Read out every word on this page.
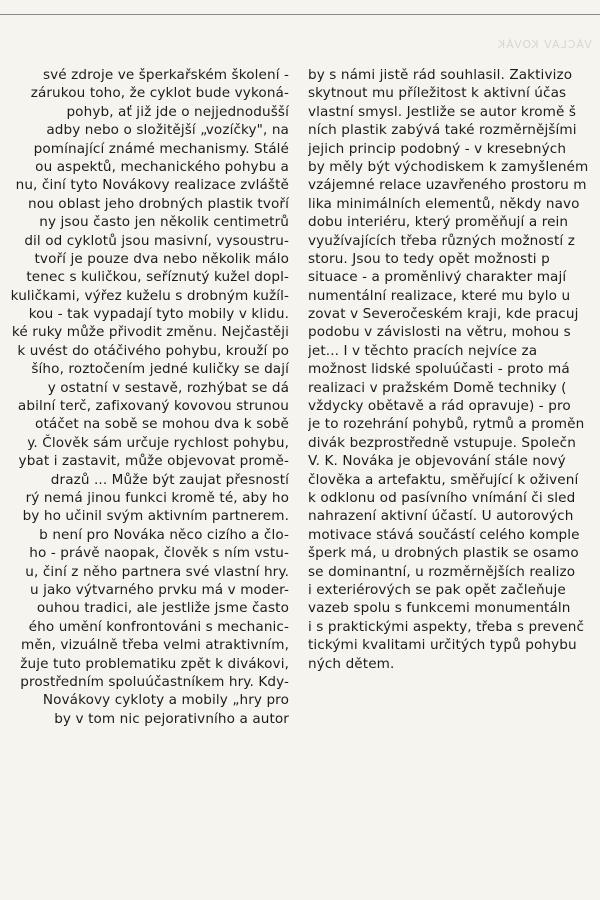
VÁCLAV KOVÁK
své zdroje ve šperkařském školení -
zárukou toho, že cyklot bude vykoná-
pohyb, ať již jde o nejjednodušší
adby nebo o složitější „vozíčky", na
pomínající známé mechanismy. Stálé
ou aspektů, mechanického pohybu a
nu, činí tyto Novákovy realizace zvláště
nou oblast jeho drobných plastik tvoří
ny jsou často jen několik centimetrů
dil od cyklotů jsou masivní, vysoustru-
tvoří je pouze dva nebo několik málo
tenec s kuličkou, seříznutý kužel dopl-
kuličkami, výřez kuželu s drobným kužíl-
kou - tak vypadají tyto mobily v klidu.
ké ruky může přivodit změnu. Nejčastěji
k uvést do otáčivého pohybu, krouží po
šího, roztočením jedné kuličky se dají
y ostatní v sestavě, rozhýbat se dá
abilní terč, zafixovaný kovovou strunou
otáčet na sobě se mohou dva k sobě
y. Člověk sám určuje rychlost pohybu,
ybat i zastavit, může objevovat promě-
drazů ... Může být zaujat přesností
rý nemá jinou funkci kromě té, aby ho
by ho učinil svým aktivním partnerem.
b není pro Nováka něco cizího a člo-
ho - právě naopak, člověk s ním vstu-
u, činí z něho partnera své vlastní hry.
u jako výtvarného prvku má v moder-
ouhou tradici, ale jestliže jsme často
ého umění konfrontováni s mechanic-
měn, vizuálně třeba velmi atraktivním,
žuje tuto problematiku zpět k divákovi,
prostředním spoluúčastníkem hry. Kdy-
Novákovy cykloty a mobily „hry pro
by v tom nic pejorativního a autor
by s námi jistě rád souhlasil. Zaktivizo
skytnout mu příležitost k aktivní účas
vlastní smysl. Jestliže se autor kromě š
ních plastik zabývá také rozměrnějšími
jejich princip podobný - v kresebných
by měly být východiskem k zamyšleném
vzájemné relace uzavřeného prostoru m
lika minimálních elementů, někdy navo
dobu interiéru, který proměňují a rein
využívajících třeba různých možností z
storu. Jsou to tedy opět možnosti p
situace - a proměnlivý charakter mají
numentální realizace, které mu bylo u
zovat v Severočeském kraji, kde pracuj
podobu v závislosti na větru, mohou s
jet... I v těchto pracích nejvíce za
možnost lidské spoluúčasti - proto má
realizaci v pražském Domě techniky (
vždycky obětavě a rád opravuje) - pro
je to rozehrání pohybů, rytmů a proměn
divák bezprostředně vstupuje. Společn
V. K. Nováka je objevování stále nový
člověka a artefaktu, směřující k oživení
k odklonu od pasívního vnímání či sled
nahrazení aktivní účastí. U autorových
motivace stává součástí celého komple
šperk má, u drobných plastik se osamo
se dominantní, u rozměrnějších realizo
i exteriérových se pak opět začleňuje
vazeb spolu s funkcemi monumentáln
i s praktickými aspekty, třeba s prevenč
tickými kvalitami určitých typů pohybu
ných dětem.
